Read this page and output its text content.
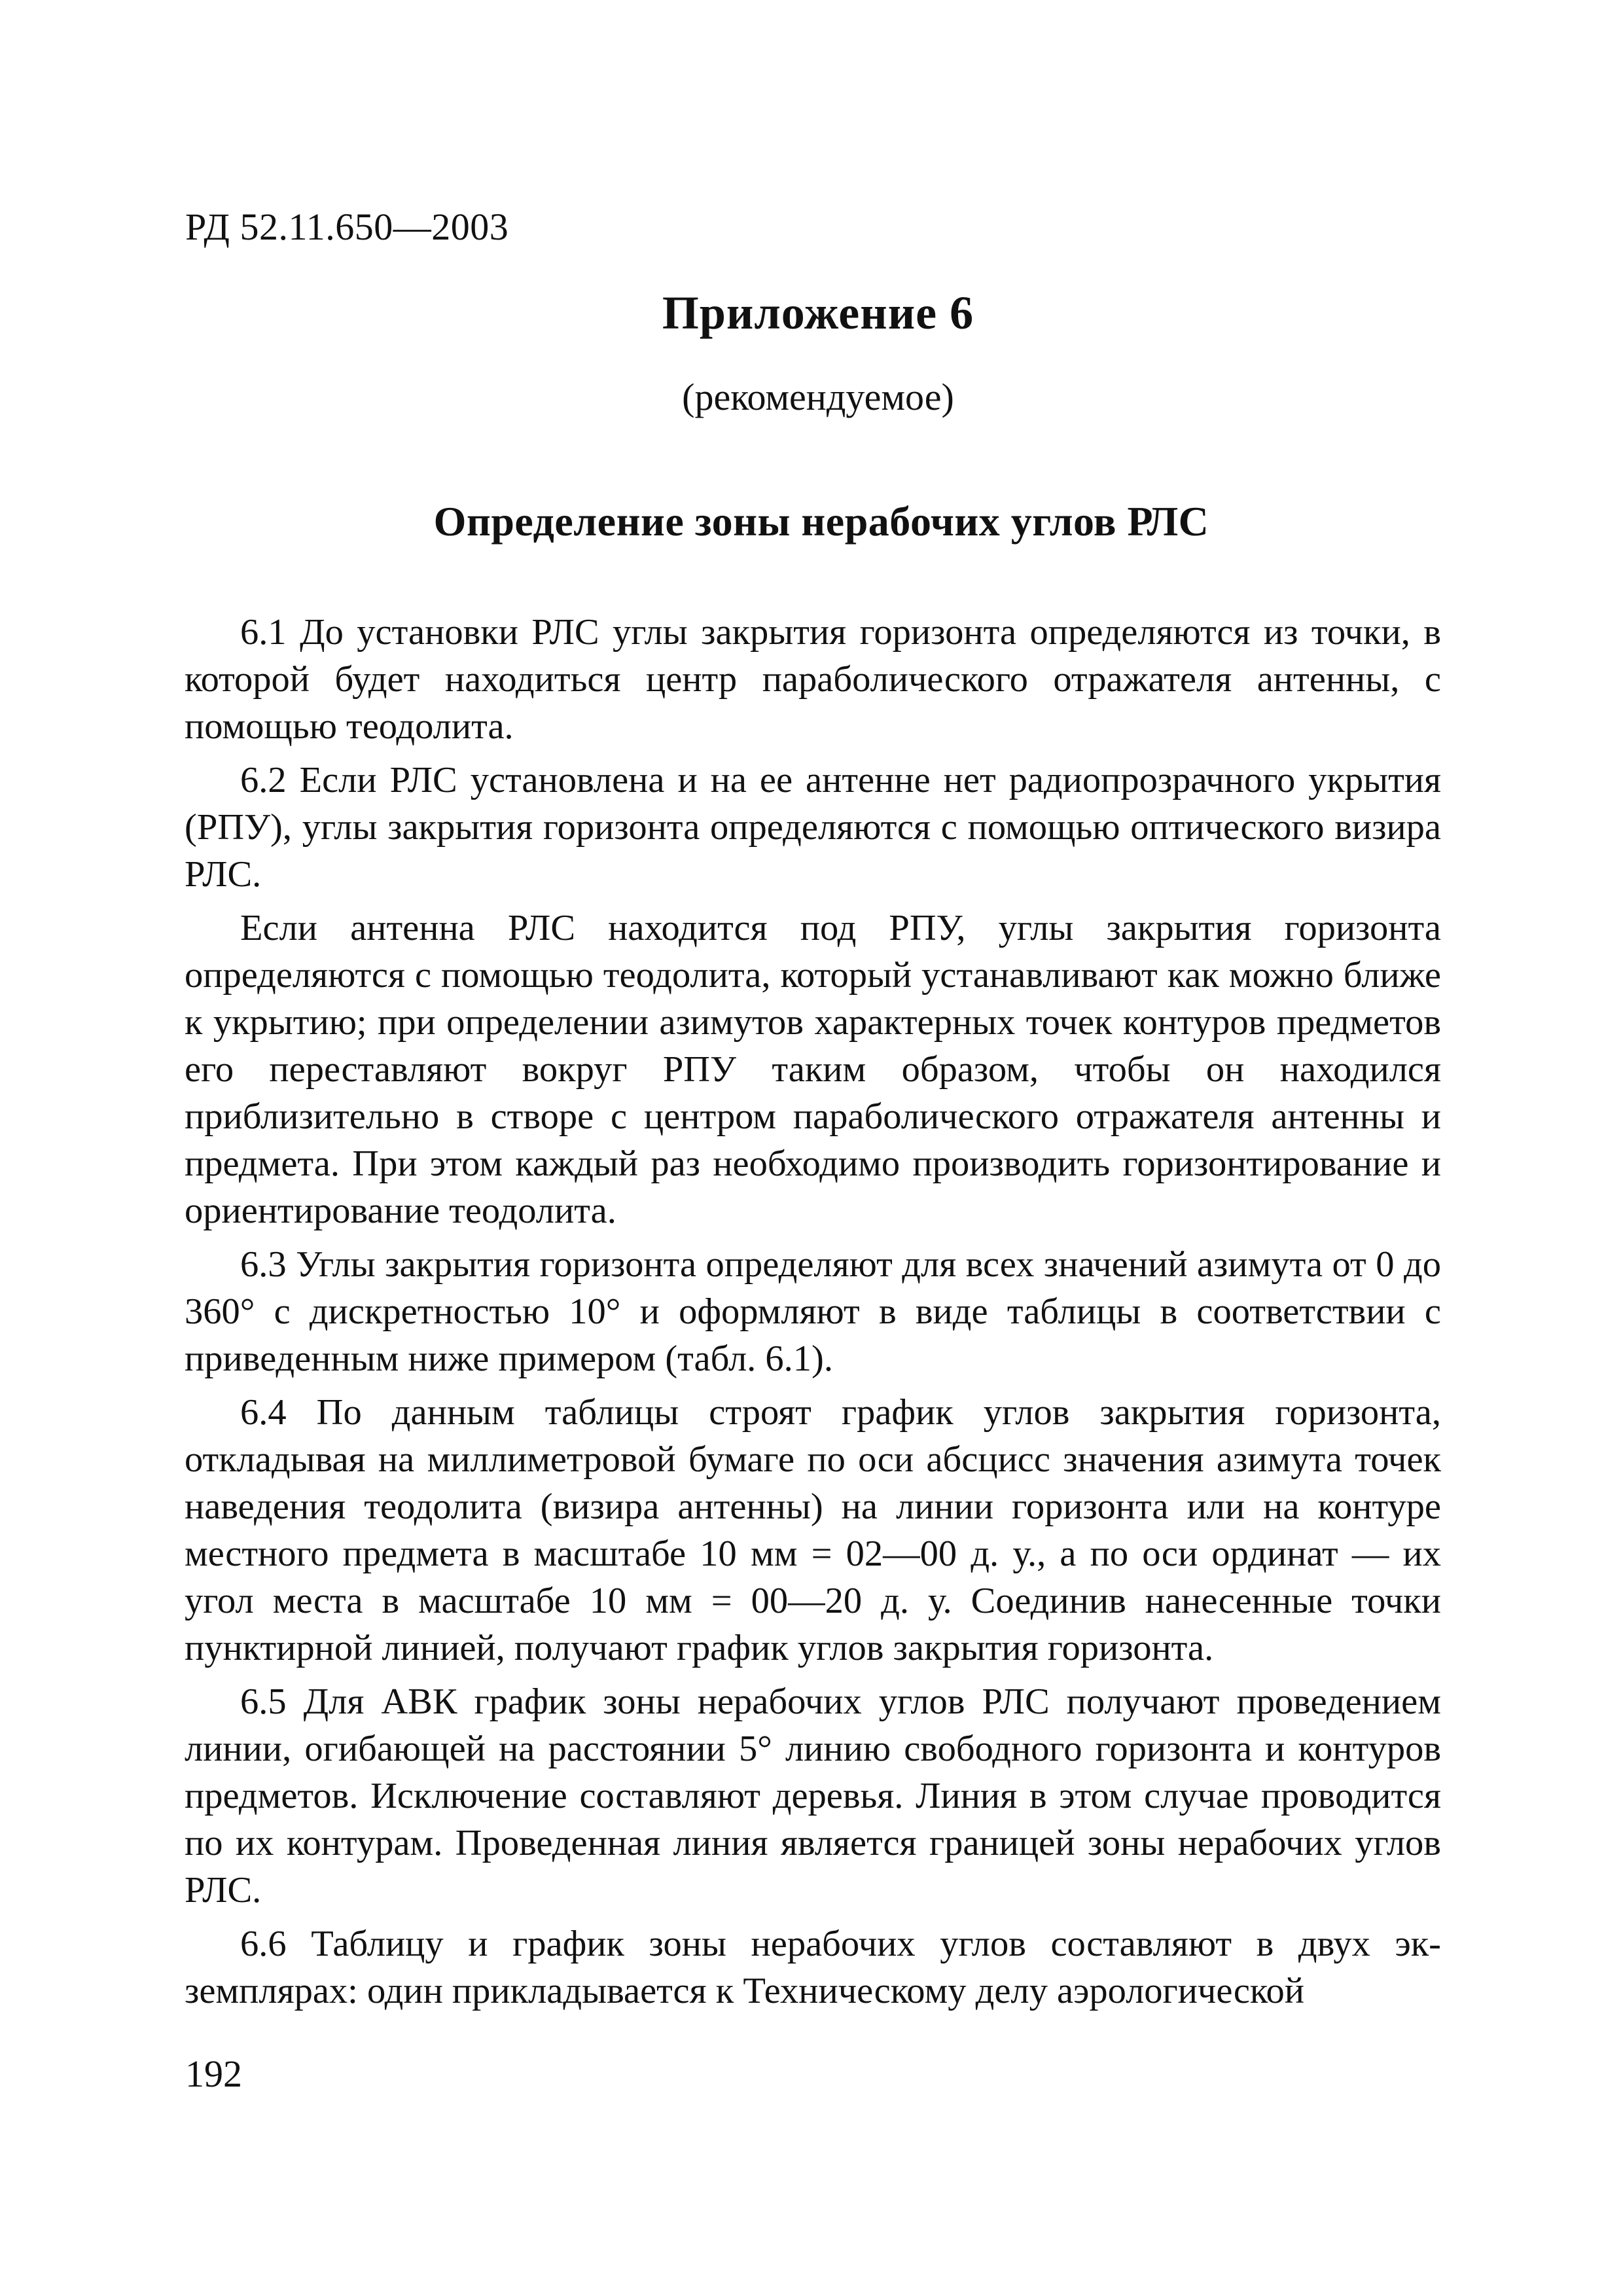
РД 52.11.650—2003
Приложение 6
(рекомендуемое)
Определение зоны нерабочих углов РЛС

6.1 До установки РЛС углы закрытия горизонта определяются из точки, в которой будет находиться центр параболического отражателя антенны, с помощью теодолита.

6.2 Если РЛС установлена и на ее антенне нет радиопрозрачного укрытия (РПУ), углы закрытия горизонта определяются с помощью оптического визира РЛС.

Если антенна РЛС находится под РПУ, углы закрытия горизонта определяются с помощью теодолита, который устанавливают как можно ближе к укрытию; при определении азимутов характерных точек контуров предметов его переставляют вокруг РПУ таким образом, чтобы он находился приблизительно в створе с центром параболического отражателя антенны и предмета. При этом каждый раз необходимо производить горизонтирование и ориентирование теодолита.

6.3 Углы закрытия горизонта определяют для всех значений азимута от 0 до 360° с дискретностью 10° и оформляют в виде таблицы в соответствии с приведенным ниже примером (табл. 6.1).

6.4 По данным таблицы строят график углов закрытия горизонта, откладывая на миллиметровой бумаге по оси абсцисс значения азимута точек наведения теодолита (визира антенны) на линии горизонта или на контуре местного предмета в масштабе 10 мм = 02—00 д. у., а по оси ординат — их угол места в масштабе 10 мм = 00—20 д. у. Соединив нанесенные точки пунктирной линией, получают график углов закрытия горизонта.

6.5 Для АВК график зоны нерабочих углов РЛС получают проведением линии, огибающей на расстоянии 5° линию свободного горизонта и контуров предметов. Исключение составляют деревья. Линия в этом случае проводится по их контурам. Проведенная линия является границей зоны нерабочих углов РЛС.

6.6 Таблицу и график зоны нерабочих углов составляют в двух экземплярах: один прикладывается к Техническому делу аэрологической

192
